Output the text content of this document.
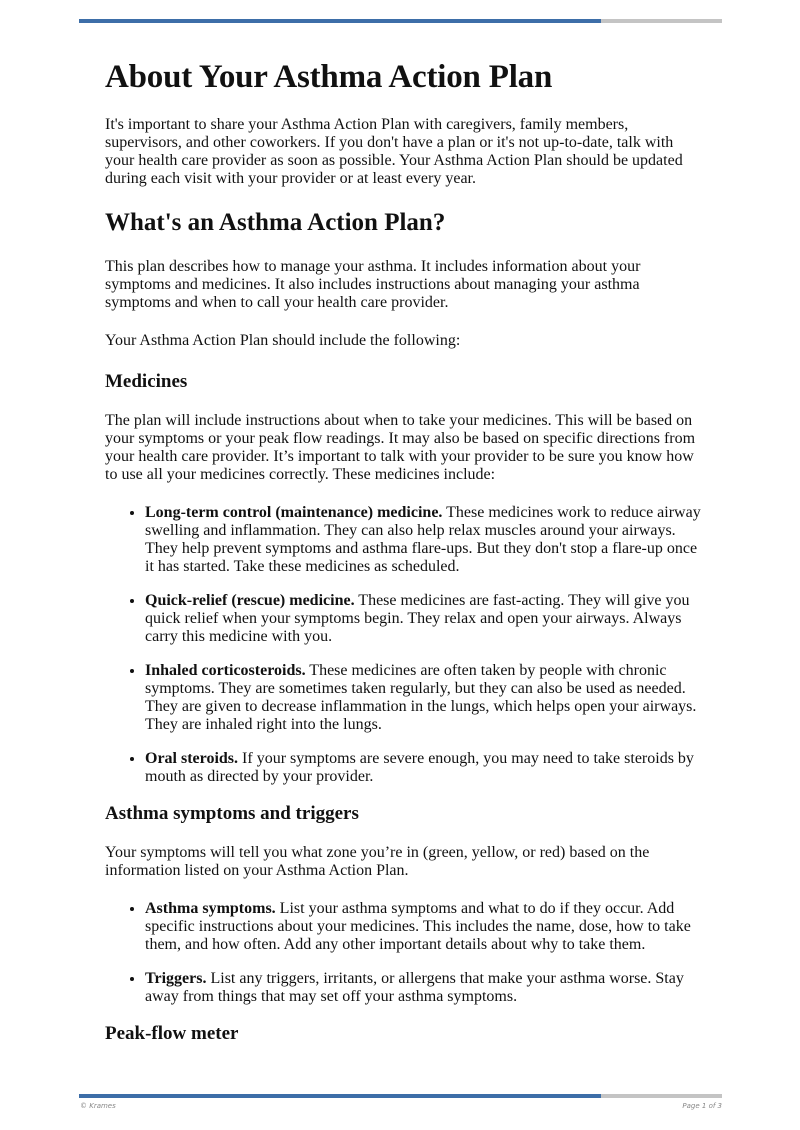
About Your Asthma Action Plan

It's important to share your Asthma Action Plan with caregivers, family members, supervisors, and other coworkers. If you don't have a plan or it's not up-to-date, talk with your health care provider as soon as possible. Your Asthma Action Plan should be updated during each visit with your provider or at least every year.

What's an Asthma Action Plan?

This plan describes how to manage your asthma. It includes information about your symptoms and medicines. It also includes instructions about managing your asthma symptoms and when to call your health care provider.

Your Asthma Action Plan should include the following:

Medicines

The plan will include instructions about when to take your medicines. This will be based on your symptoms or your peak flow readings. It may also be based on specific directions from your health care provider. It’s important to talk with your provider to be sure you know how to use all your medicines correctly. These medicines include:

• Long-term control (maintenance) medicine. These medicines work to reduce airway swelling and inflammation. They can also help relax muscles around your airways. They help prevent symptoms and asthma flare-ups. But they don't stop a flare-up once it has started. Take these medicines as scheduled.
• Quick-relief (rescue) medicine. These medicines are fast-acting. They will give you quick relief when your symptoms begin. They relax and open your airways. Always carry this medicine with you.
• Inhaled corticosteroids. These medicines are often taken by people with chronic symptoms. They are sometimes taken regularly, but they can also be used as needed. They are given to decrease inflammation in the lungs, which helps open your airways. They are inhaled right into the lungs.
• Oral steroids. If your symptoms are severe enough, you may need to take steroids by mouth as directed by your provider.
Asthma symptoms and triggers

Your symptoms will tell you what zone you’re in (green, yellow, or red) based on the information listed on your Asthma Action Plan.

• Asthma symptoms. List your asthma symptoms and what to do if they occur. Add specific instructions about your medicines. This includes the name, dose, how to take them, and how often. Add any other important details about why to take them.
• Triggers. List any triggers, irritants, or allergens that make your asthma worse. Stay away from things that may set off your asthma symptoms.
Peak-flow meter
© Krames	Page 1 of 3
